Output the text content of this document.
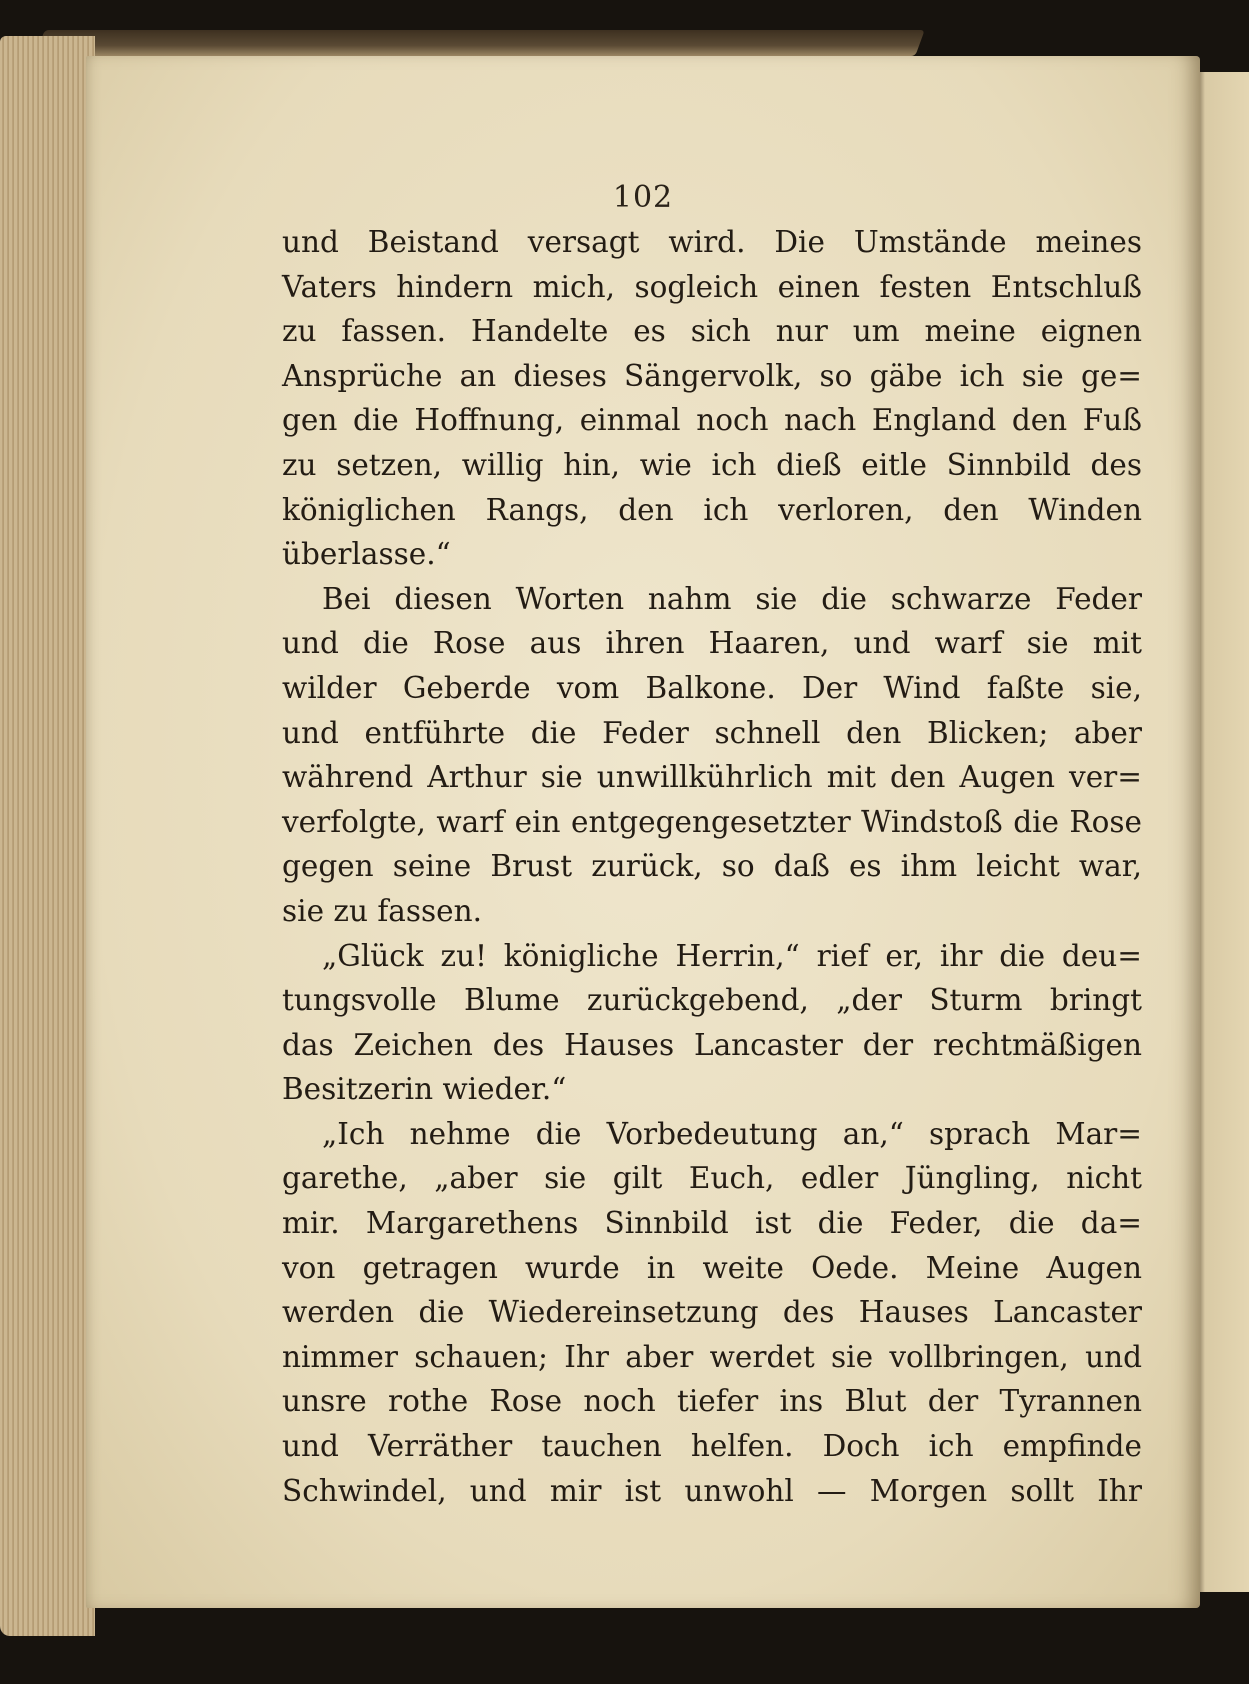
102
und Beistand versagt wird. Die Umstände meines
Vaters hindern mich, sogleich einen festen Entschluß
zu fassen. Handelte es sich nur um meine eignen
Ansprüche an dieses Sängervolk, so gäbe ich sie ge=
gen die Hoffnung, einmal noch nach England den Fuß
zu setzen, willig hin, wie ich dieß eitle Sinnbild des
königlichen Rangs, den ich verloren, den Winden
überlasse.“
Bei diesen Worten nahm sie die schwarze Feder
und die Rose aus ihren Haaren, und warf sie mit
wilder Geberde vom Balkone. Der Wind faßte sie,
und entführte die Feder schnell den Blicken; aber
während Arthur sie unwillkührlich mit den Augen ver=
verfolgte, warf ein entgegengesetzter Windstoß die Rose
gegen seine Brust zurück, so daß es ihm leicht war,
sie zu fassen.
„Glück zu! königliche Herrin,“ rief er, ihr die deu=
tungsvolle Blume zurückgebend, „der Sturm bringt
das Zeichen des Hauses Lancaster der rechtmäßigen
Besitzerin wieder.“
„Ich nehme die Vorbedeutung an,“ sprach Mar=
garethe, „aber sie gilt Euch, edler Jüngling, nicht
mir. Margarethens Sinnbild ist die Feder, die da=
von getragen wurde in weite Oede. Meine Augen
werden die Wiedereinsetzung des Hauses Lancaster
nimmer schauen; Ihr aber werdet sie vollbringen, und
unsre rothe Rose noch tiefer ins Blut der Tyrannen
und Verräther tauchen helfen. Doch ich empfinde
Schwindel, und mir ist unwohl — Morgen sollt Ihr
